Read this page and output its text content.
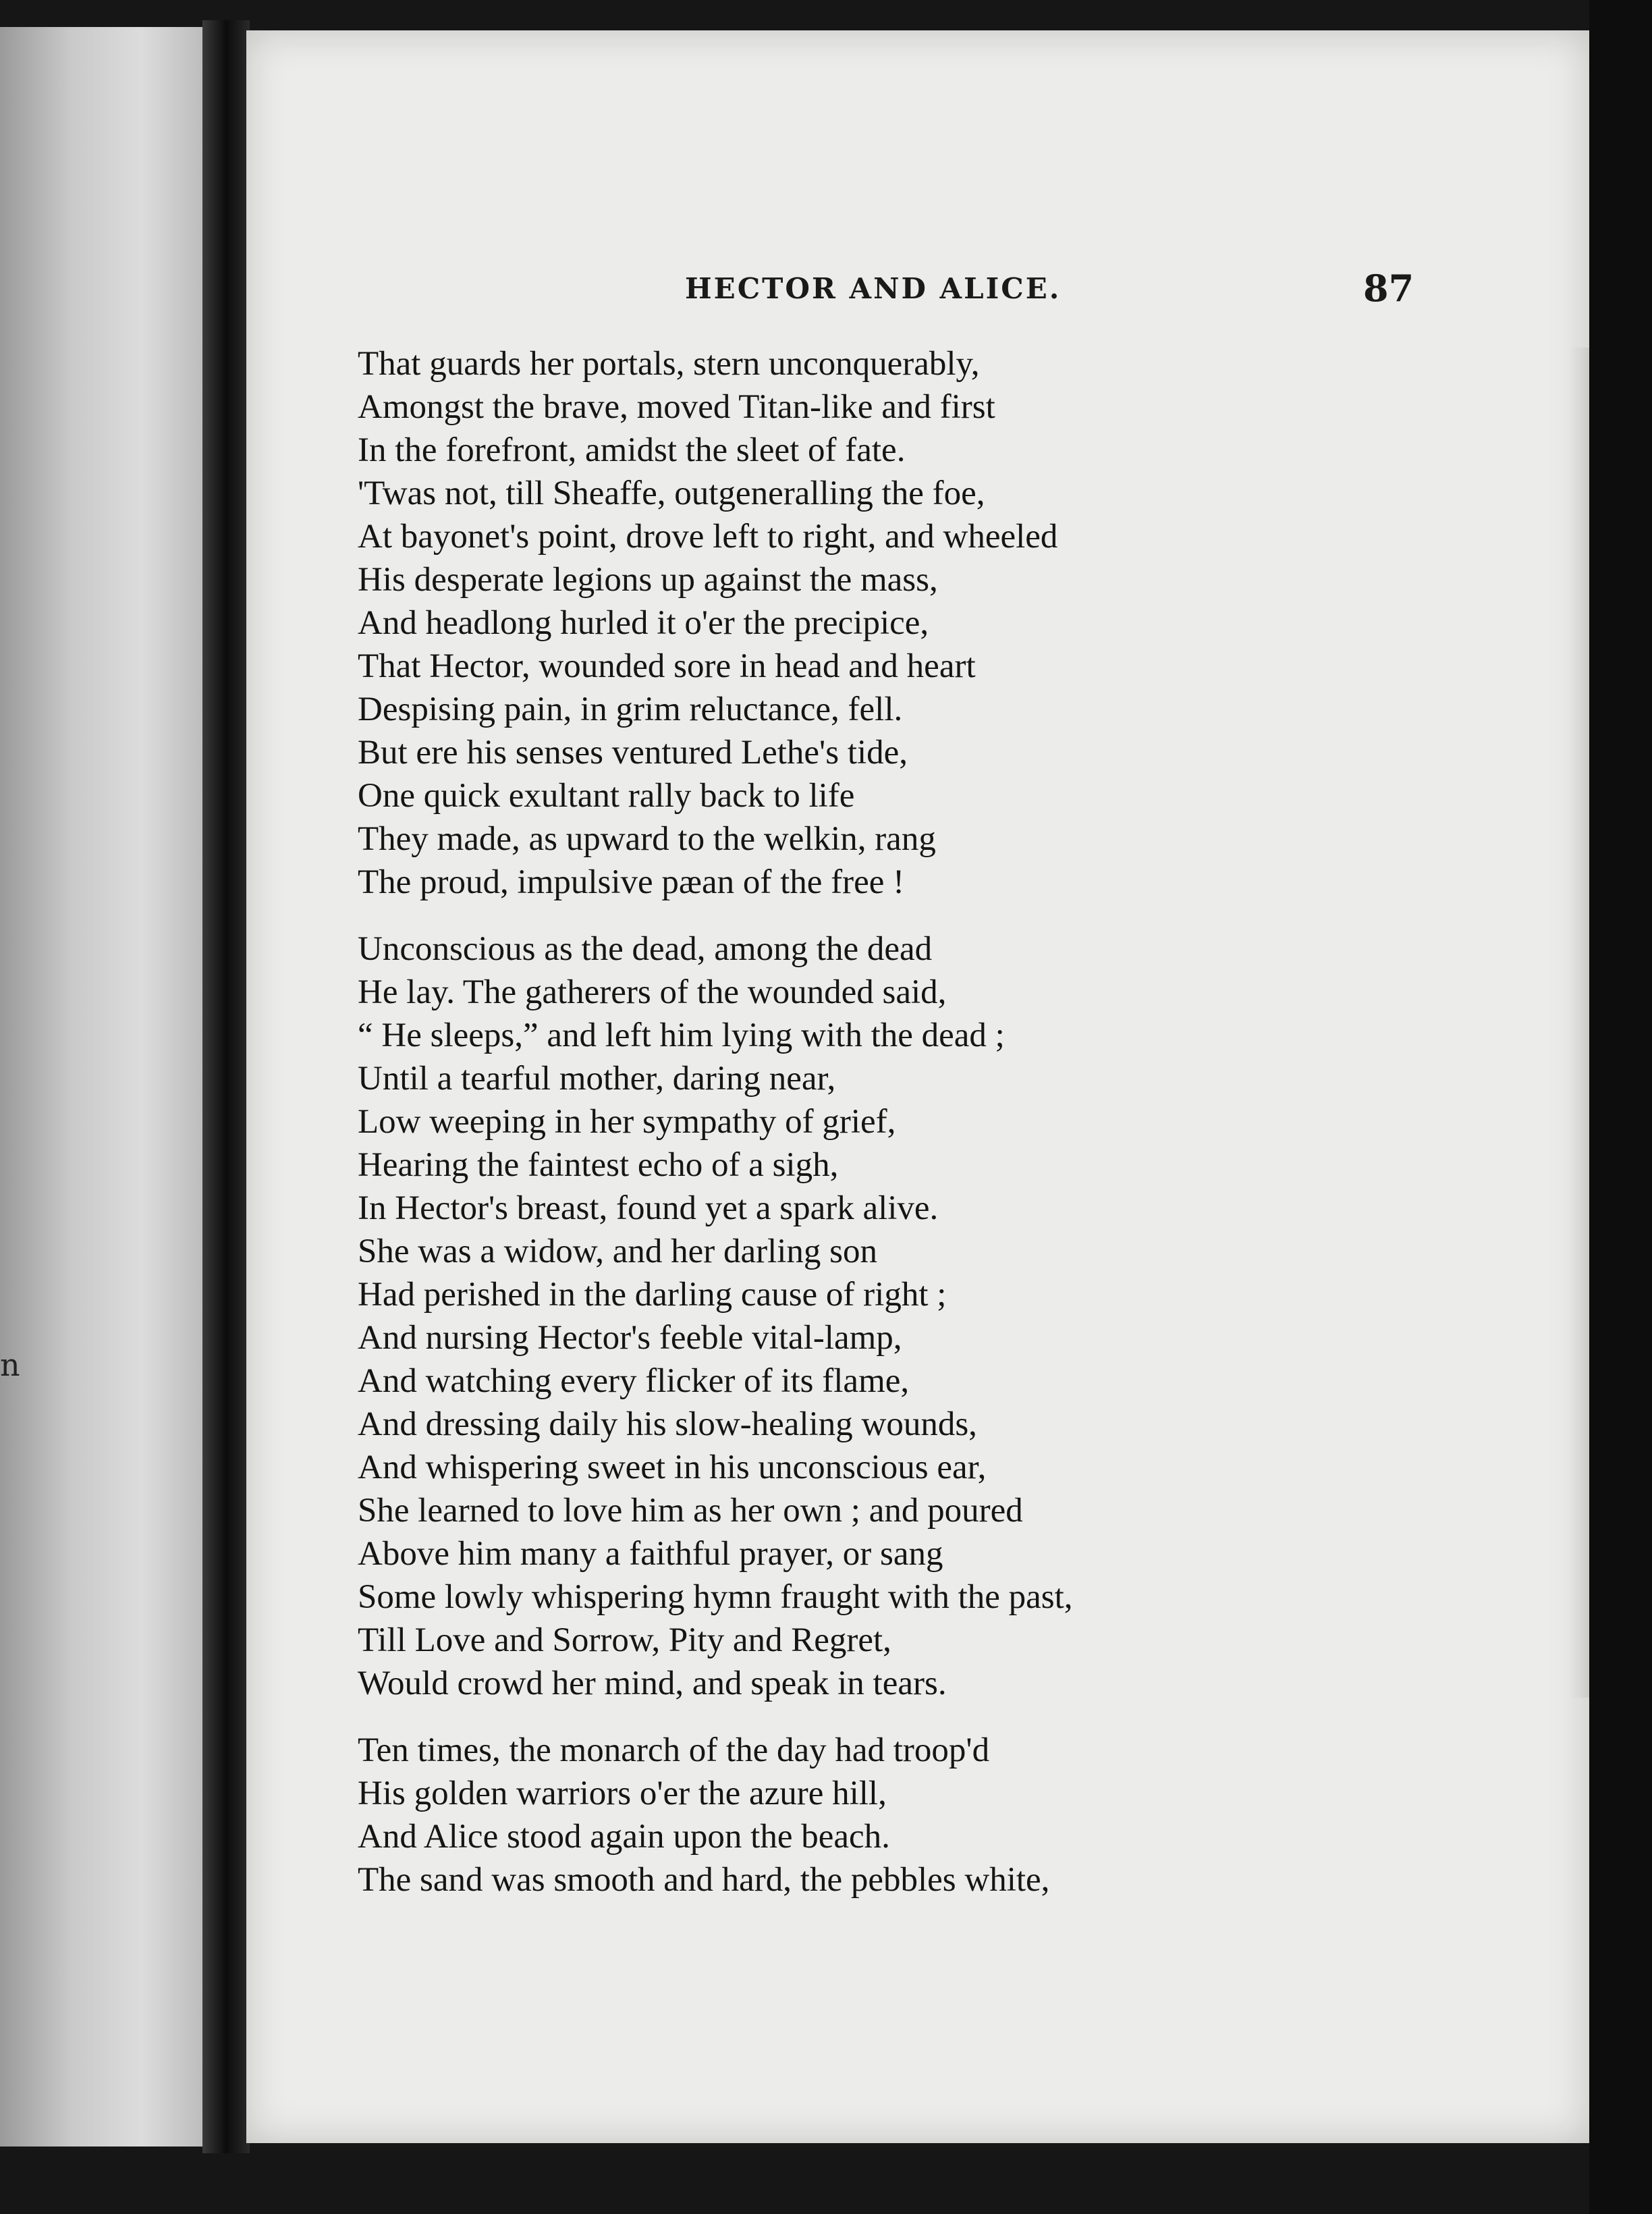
n
HECTOR AND ALICE.	87
That guards her portals, stern unconquerably,
Amongst the brave, moved Titan-like and first
In the forefront, amidst the sleet of fate.
'Twas not, till Sheaffe, outgeneralling the foe,
At bayonet's point, drove left to right, and wheeled
His desperate legions up against the mass,
And headlong hurled it o'er the precipice,
That Hector, wounded sore in head and heart
Despising pain, in grim reluctance, fell.
But ere his senses ventured Lethe's tide,
One quick exultant rally back to life
They made, as upward to the welkin, rang
The proud, impulsive pæan of the free !
Unconscious as the dead, among the dead
He lay. The gatherers of the wounded said,
“ He sleeps,” and left him lying with the dead ;
Until a tearful mother, daring near,
Low weeping in her sympathy of grief,
Hearing the faintest echo of a sigh,
In Hector's breast, found yet a spark alive.
She was a widow, and her darling son
Had perished in the darling cause of right ;
And nursing Hector's feeble vital-lamp,
And watching every flicker of its flame,
And dressing daily his slow-healing wounds,
And whispering sweet in his unconscious ear,
She learned to love him as her own ; and poured
Above him many a faithful prayer, or sang
Some lowly whispering hymn fraught with the past,
Till Love and Sorrow, Pity and Regret,
Would crowd her mind, and speak in tears.
Ten times, the monarch of the day had troop'd
His golden warriors o'er the azure hill,
And Alice stood again upon the beach.
The sand was smooth and hard, the pebbles white,
